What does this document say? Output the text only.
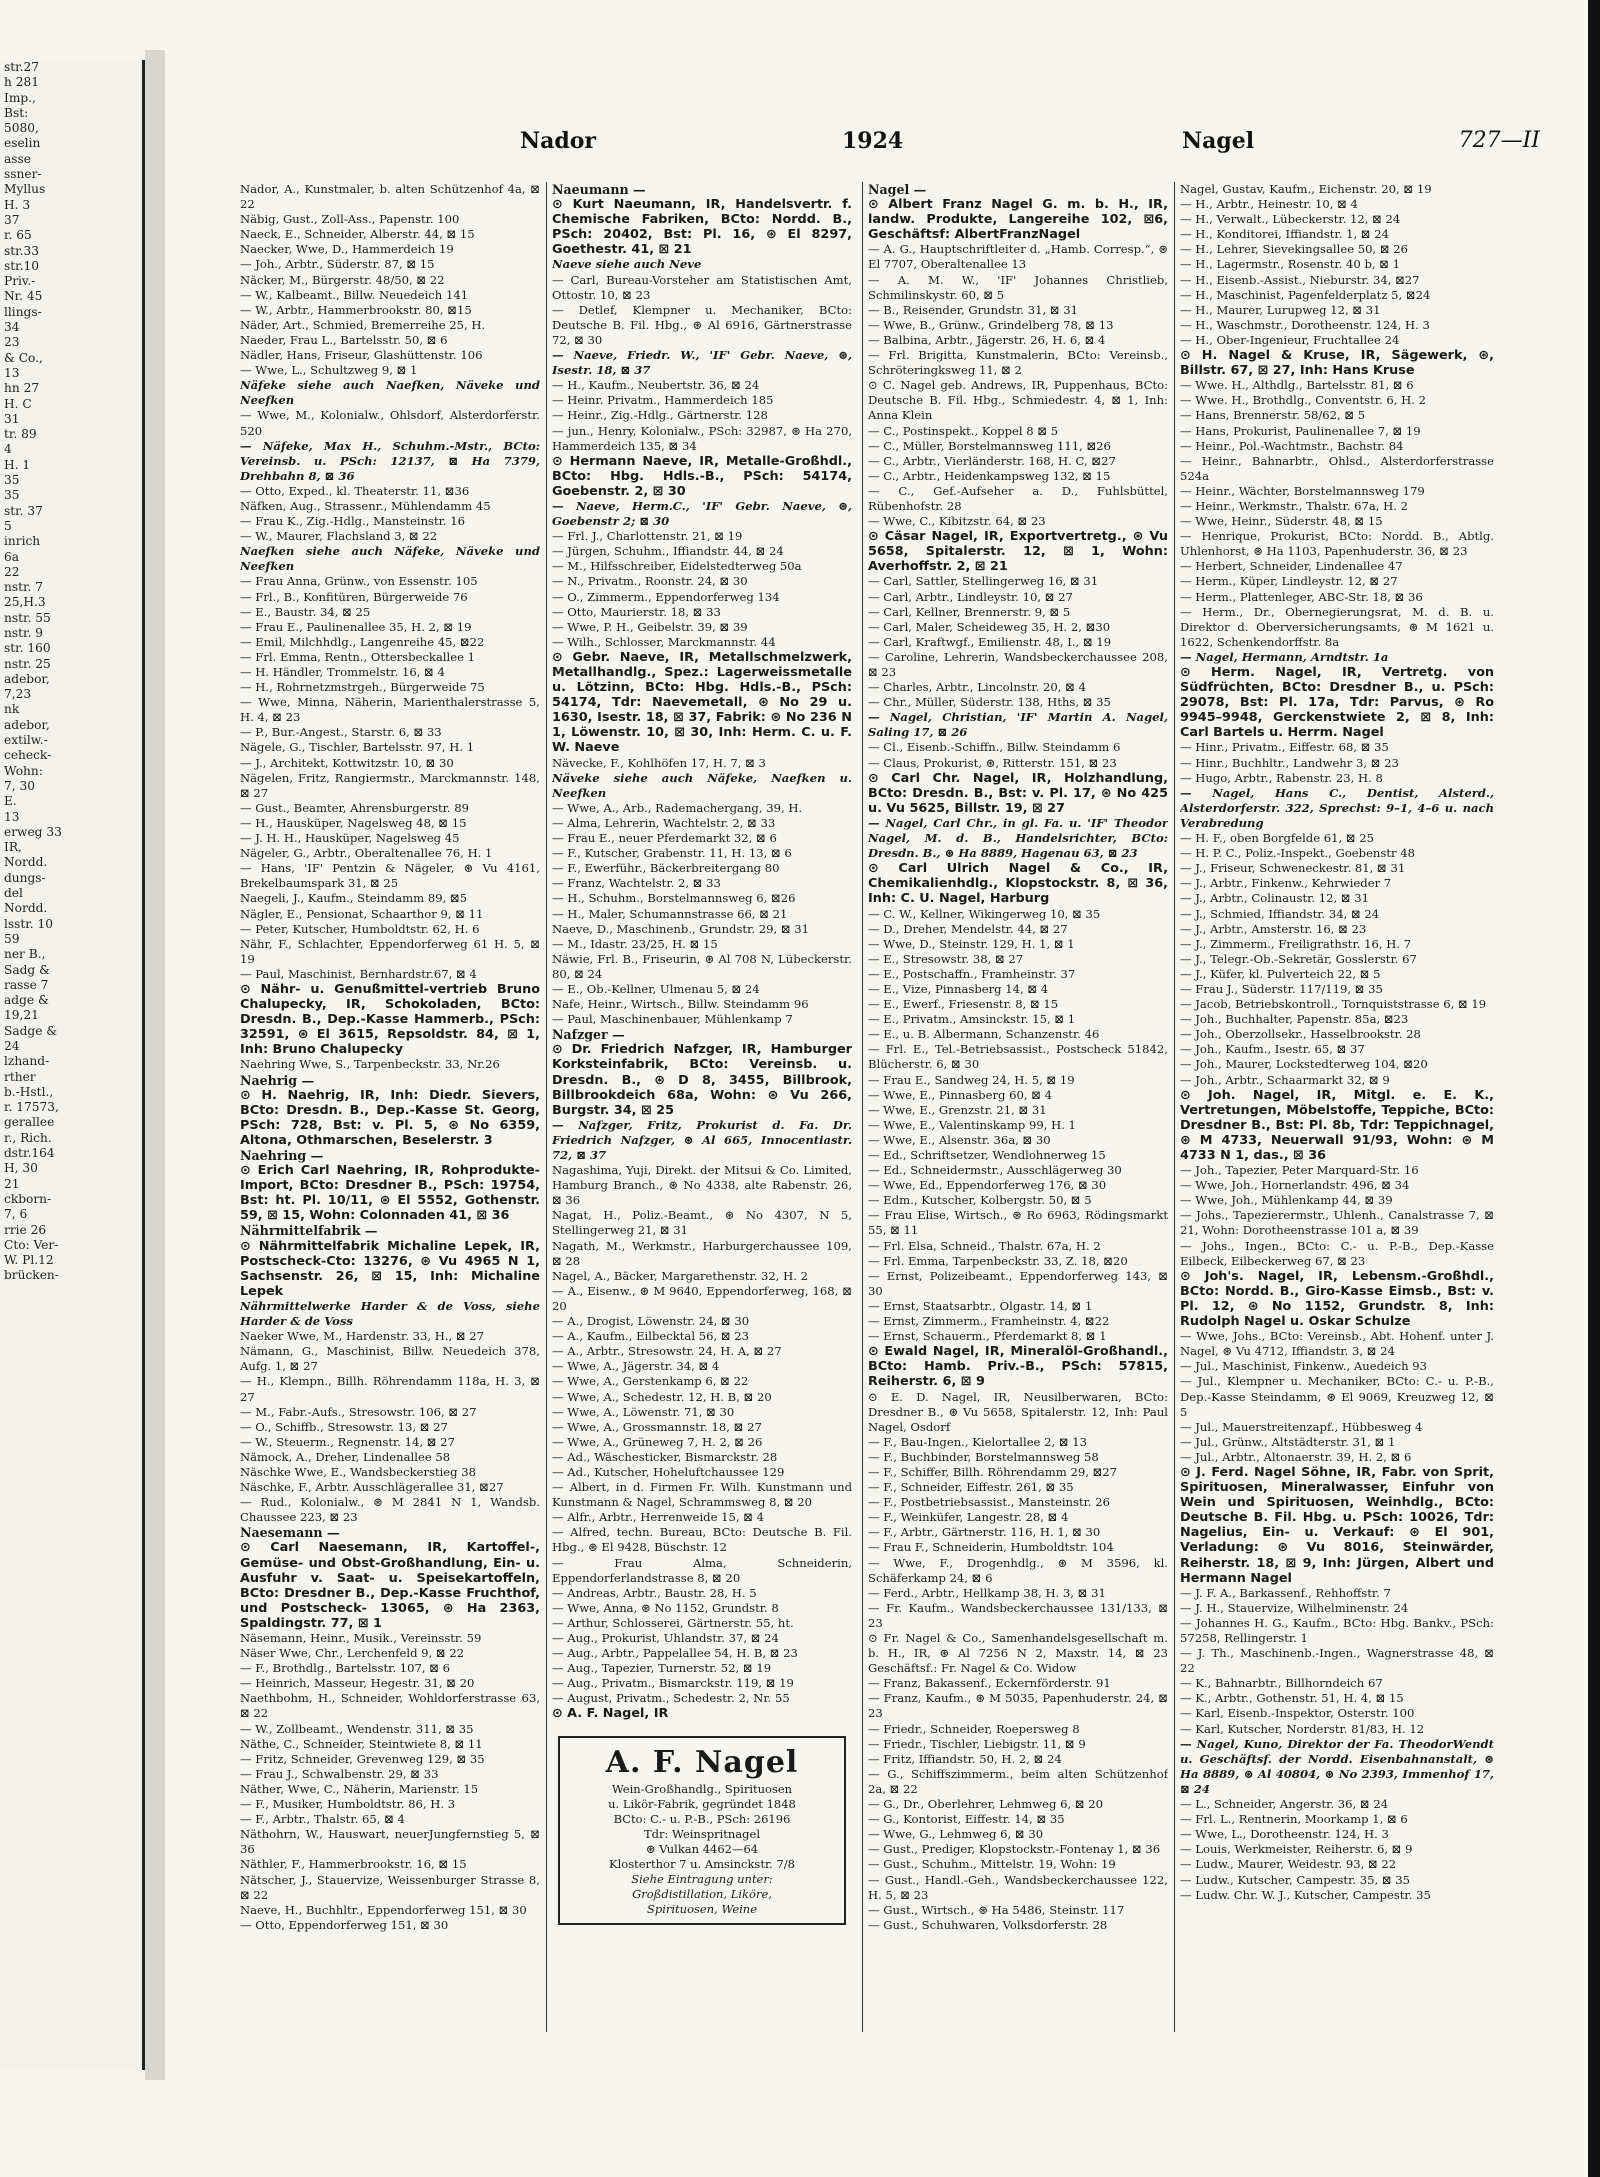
str.27
h 281
Imp.,
Bst:
5080,
eselin
asse
ssner-
Myllus
H. 3
37
r. 65
str.33
str.10
Priv.-
Nr. 45
llings-
34
23
& Co.,
13
hn 27
H. C
31
tr. 89
4
H. 1
35
35
str. 37
5
inrich
6a
22
nstr. 7
25,H.3
nstr. 55
nstr. 9
str. 160
nstr. 25
adebor,
7,23
nk
adebor,
extilw.-
ceheck-
Wohn:
7, 30
E.
13
erweg 33
IR,
Nordd.
dungs-
del
Nordd.
lsstr. 10
59
ner B.,
Sadg &
rasse 7
adge &
19,21
Sadge &
24
lzhand-
rther
b.-Hstl.,
r. 17573,
gerallee
r., Rich.
dstr.164
H, 30
21
ckborn-
7, 6
rrie 26
Cto: Ver-
W. Pl.12
brücken-
Nador	1924	Nagel	727—II
Nador, A., Kunstmaler, b. alten Schützenhof 4a, ⊠ 22
Näbig, Gust., Zoll-Ass., Papenstr. 100
Naeck, E., Schneider, Alberstr. 44, ⊠ 15
Naecker, Wwe, D., Hammerdeich 19
— Joh., Arbtr., Süderstr. 87, ⊠ 15
Näcker, M., Bürgerstr. 48/50, ⊠ 22
— W., Kalbeamt., Billw. Neuedeich 141
— W., Arbtr., Hammerbrookstr. 80, ⊠15
Näder, Art., Schmied, Bremerreihe 25, H.
Naeder, Frau L., Bartelsstr. 50, ⊠ 6
Nädler, Hans, Friseur, Glashüttenstr. 106
— Wwe, L., Schultzweg 9, ⊠ 1
Näfeke siehe auch Naefken, Näveke und Neefken
— Wwe, M., Kolonialw., Ohlsdorf, Alsterdorferstr. 520
— Näfeke, Max H., Schuhm.-Mstr., BCto: Vereinsb. u. PSch: 12137, ⊠ Ha 7379, Drehbahn 8, ⊠ 36
— Otto, Exped., kl. Theaterstr. 11, ⊠36
Näfken, Aug., Strassenr., Mühlendamm 45
— Frau K., Zig.-Hdlg., Mansteinstr. 16
— W., Maurer, Flachsland 3, ⊠ 22
Naefken siehe auch Näfeke, Näveke und Neefken
— Frau Anna, Grünw., von Essenstr. 105
— Frl., B., Konfitüren, Bürgerweide 76
— E., Baustr. 34, ⊠ 25
— Frau E., Paulinenallee 35, H. 2, ⊠ 19
— Emil, Milchhdlg., Langenreihe 45, ⊠22
— Frl. Emma, Rentn., Ottersbeckallee 1
— H. Händler, Trommelstr. 16, ⊠ 4
— H., Rohrnetzmstrgeh., Bürgerweide 75
— Wwe, Minna, Näherin, Marienthalerstrasse 5, H. 4, ⊠ 23
— P., Bur.-Angest., Starstr. 6, ⊠ 33
Nägele, G., Tischler, Bartelsstr. 97, H. 1
— J., Architekt, Kottwitzstr. 10, ⊠ 30
Nägelen, Fritz, Rangiermstr., Marckmannstr. 148, ⊠ 27
— Gust., Beamter, Ahrensburgerstr. 89
— H., Hausküper, Nagelsweg 48, ⊠ 15
— J. H. H., Hausküper, Nagelsweg 45
Nägeler, G., Arbtr., Oberaltenallee 76, H. 1
— Hans, 'IF' Pentzin & Nägeler, ⊛ Vu 4161, Brekelbaumspark 31, ⊠ 25
Naegeli, J., Kaufm., Steindamm 89, ⊠5
Nägler, E., Pensionat, Schaarthor 9, ⊠ 11
— Peter, Kutscher, Humboldtstr. 62, H. 6
Nähr, F., Schlachter, Eppendorferweg 61 H. 5, ⊠ 19
— Paul, Maschinist, Bernhardstr.67, ⊠ 4
⊙ Nähr- u. Genußmittel-vertrieb Bruno Chalupecky, IR, Schokoladen, BCto: Dresdn. B., Dep.-Kasse Hammerb., PSch: 32591, ⊛ El 3615, Repsoldstr. 84, ⊠ 1, Inh: Bruno Chalupecky
Naehring Wwe, S., Tarpenbeckstr. 33, Nr.26
Naehrig —
⊙ H. Naehrig, IR, Inh: Diedr. Sievers, BCto: Dresdn. B., Dep.-Kasse St. Georg, PSch: 728, Bst: v. Pl. 5, ⊛ No 6359, Altona, Othmarschen, Beselerstr. 3
Naehring —
⊙ Erich Carl Naehring, IR, Rohprodukte-Import, BCto: Dresdner B., PSch: 19754, Bst: ht. Pl. 10/11, ⊛ El 5552, Gothenstr. 59, ⊠ 15, Wohn: Colonnaden 41, ⊠ 36
Nährmittelfabrik —
⊙ Nährmittelfabrik Michaline Lepek, IR, Postscheck-Cto: 13276, ⊛ Vu 4965 N 1, Sachsenstr. 26, ⊠ 15, Inh: Michaline Lepek
Nährmittelwerke Harder & de Voss, siehe Harder & de Voss
Naeker Wwe, M., Hardenstr. 33, H., ⊠ 27
Nämann, G., Maschinist, Billw. Neuedeich 378, Aufg. 1, ⊠ 27
— H., Klempn., Billh. Röhrendamm 118a, H. 3, ⊠ 27
— M., Fabr.-Aufs., Stresowstr. 106, ⊠ 27
— O., Schiffb., Stresowstr. 13, ⊠ 27
— W., Steuerm., Regnenstr. 14, ⊠ 27
Nämock, A., Dreher, Lindenallee 58
Näschke Wwe, E., Wandsbeckerstieg 38
Näschke, F., Arbtr. Ausschlägerallee 31, ⊠27
— Rud., Kolonialw., ⊛ M 2841 N 1, Wandsb. Chaussee 223, ⊠ 23
Naesemann —
⊙ Carl Naesemann, IR, Kartoffel-, Gemüse- und Obst-Großhandlung, Ein- u. Ausfuhr v. Saat- u. Speisekartoffeln, BCto: Dresdner B., Dep.-Kasse Fruchthof, und Postscheck- 13065, ⊛ Ha 2363, Spaldingstr. 77, ⊠ 1
Näsemann, Heinr., Musik., Vereinsstr. 59
Näser Wwe, Chr., Lerchenfeld 9, ⊠ 22
— F., Brothdlg., Bartelsstr. 107, ⊠ 6
— Heinrich, Masseur, Hegestr. 31, ⊠ 20
Naethbohm, H., Schneider, Wohldorferstrasse 63, ⊠ 22
— W., Zollbeamt., Wendenstr. 311, ⊠ 35
Näthe, C., Schneider, Steintwiete 8, ⊠ 11
— Fritz, Schneider, Grevenweg 129, ⊠ 35
— Frau J., Schwalbenstr. 29, ⊠ 33
Näther, Wwe, C., Näherin, Marienstr. 15
— F., Musiker, Humboldtstr. 86, H. 3
— F., Arbtr., Thalstr. 65, ⊠ 4
Näthohrn, W., Hauswart, neuerJungfernstieg 5, ⊠ 36
Näthler, F., Hammerbrookstr. 16, ⊠ 15
Nätscher, J., Stauervize, Weissenburger Strasse 8, ⊠ 22
Naeve, H., Buchhltr., Eppendorferweg 151, ⊠ 30
— Otto, Eppendorferweg 151, ⊠ 30
Naeumann —
⊙ Kurt Naeumann, IR, Handelsvertr. f. Chemische Fabriken, BCto: Nordd. B., PSch: 20402, Bst: Pl. 16, ⊛ El 8297, Goethestr. 41, ⊠ 21
Naeve siehe auch Neve
— Carl, Bureau-Vorsteher am Statistischen Amt, Ottostr. 10, ⊠ 23
— Detlef, Klempner u. Mechaniker, BCto: Deutsche B. Fil. Hbg., ⊛ Al 6916, Gärtnerstrasse 72, ⊠ 30
— Naeve, Friedr. W., 'IF' Gebr. Naeve, ⊛, Isestr. 18, ⊠ 37
— H., Kaufm., Neubertstr. 36, ⊠ 24
— Heinr. Privatm., Hammerdeich 185
— Heinr., Zig.-Hdlg., Gärtnerstr. 128
— jun., Henry, Kolonialw., PSch: 32987, ⊛ Ha 270, Hammerdeich 135, ⊠ 34
⊙ Hermann Naeve, IR, Metalle-Großhdl., BCto: Hbg. Hdls.-B., PSch: 54174, Goebenstr. 2, ⊠ 30
— Naeve, Herm.C., 'IF' Gebr. Naeve, ⊛, Goebenstr 2; ⊠ 30
— Frl. J., Charlottenstr. 21, ⊠ 19
— Jürgen, Schuhm., Iffiandstr. 44, ⊠ 24
— M., Hilfsschreiber, Eidelstedterweg 50a
— N., Privatm., Roonstr. 24, ⊠ 30
— O., Zimmerm., Eppendorferweg 134
— Otto, Maurierstr. 18, ⊠ 33
— Wwe, P. H., Geibelstr. 39, ⊠ 39
— Wilh., Schlosser, Marckmannstr. 44
⊙ Gebr. Naeve, IR, Metallschmelzwerk, Metallhandlg., Spez.: Lagerweissmetalle u. Lötzinn, BCto: Hbg. Hdls.-B., PSch: 54174, Tdr: Naevemetall, ⊛ No 29 u. 1630, Isestr. 18, ⊠ 37, Fabrik: ⊛ No 236 N 1, Löwenstr. 10, ⊠ 30, Inh: Herm. C. u. F. W. Naeve
Nävecke, F., Kohlhöfen 17, H. 7, ⊠ 3
Näveke siehe auch Näfeke, Naefken u. Neefken
— Wwe, A., Arb., Rademachergang, 39, H.
— Alma, Lehrerin, Wachtelstr. 2, ⊠ 33
— Frau E., neuer Pferdemarkt 32, ⊠ 6
— F., Kutscher, Grabenstr. 11, H. 13, ⊠ 6
— F., Ewerführ., Bäckerbreitergang 80
— Franz, Wachtelstr. 2, ⊠ 33
— H., Schuhm., Borstelmannsweg 6, ⊠26
— H., Maler, Schumannstrasse 66, ⊠ 21
Naeve, D., Maschinenb., Grundstr. 29, ⊠ 31
— M., Idastr. 23/25, H. ⊠ 15
Näwie, Frl. B., Friseurin, ⊛ Al 708 N, Lübeckerstr. 80, ⊠ 24
— E., Ob.-Kellner, Ulmenau 5, ⊠ 24
Nafe, Heinr., Wirtsch., Billw. Steindamm 96
— Paul, Maschinenbauer, Mühlenkamp 7
Nafzger —
⊙ Dr. Friedrich Nafzger, IR, Hamburger Korksteinfabrik, BCto: Vereinsb. u. Dresdn. B., ⊛ D 8, 3455, Billbrook, Billbrookdeich 68a, Wohn: ⊛ Vu 266, Burgstr. 34, ⊠ 25
— Nafzger, Fritz, Prokurist d. Fa. Dr. Friedrich Nafzger, ⊛ Al 665, Innocentiastr. 72, ⊠ 37
Nagashima, Yuji, Direkt. der Mitsui & Co. Limited, Hamburg Branch., ⊛ No 4338, alte Rabenstr. 26, ⊠ 36
Nagat, H., Poliz.-Beamt., ⊛ No 4307, N 5, Stellingerweg 21, ⊠ 31
Nagath, M., Werkmstr., Harburgerchaussee 109, ⊠ 28
Nagel, A., Bäcker, Margarethenstr. 32, H. 2
— A., Eisenw., ⊛ M 9640, Eppendorferweg, 168, ⊠ 20
— A., Drogist, Löwenstr. 24, ⊠ 30
— A., Kaufm., Eilbecktal 56, ⊠ 23
— A., Arbtr., Stresowstr. 24, H. A, ⊠ 27
— Wwe, A., Jägerstr. 34, ⊠ 4
— Wwe, A., Gerstenkamp 6, ⊠ 22
— Wwe, A., Schedestr. 12, H. B, ⊠ 20
— Wwe, A., Löwenstr. 71, ⊠ 30
— Wwe, A., Grossmannstr. 18, ⊠ 27
— Wwe, A., Grüneweg 7, H. 2, ⊠ 26
— Ad., Wäschesticker, Bismarckstr. 28
— Ad., Kutscher, Hoheluftchaussee 129
— Albert, in d. Firmen Fr. Wilh. Kunstmann und Kunstmann & Nagel, Schrammsweg 8, ⊠ 20
— Alfr., Arbtr., Herrenweide 15, ⊠ 4
— Alfred, techn. Bureau, BCto: Deutsche B. Fil. Hbg., ⊛ El 9428, Büschstr. 12
— Frau Alma, Schneiderin, Eppendorferlandstrasse 8, ⊠ 20
— Andreas, Arbtr., Baustr. 28, H. 5
— Wwe, Anna, ⊛ No 1152, Grundstr. 8
— Arthur, Schlosserei, Gärtnerstr. 55, ht.
— Aug., Prokurist, Uhlandstr. 37, ⊠ 24
— Aug., Arbtr., Pappelallee 54, H. B, ⊠ 23
— Aug., Tapezier, Turnerstr. 52, ⊠ 19
— Aug., Privatm., Bismarckstr. 119, ⊠ 19
— August, Privatm., Schedestr. 2, Nr. 55
⊙ A. F. Nagel, IR
A. F. Nagel
Wein-Großhandlg., Spirituosen
u. Likör-Fabrik, gegründet 1848
BCto: C.- u. P.-B., PSch: 26196
Tdr: Weinspritnagel
⊛ Vulkan 4462—64
Klosterthor 7 u. Amsinckstr. 7/8
Siehe Eintragung unter:
Großdistillation, Liköre,
Spirituosen, Weine
Nagel —
⊙ Albert Franz Nagel G. m. b. H., IR, landw. Produkte, Langereihe 102, ⊠6, Geschäftsf: AlbertFranzNagel
— A. G., Hauptschriftleiter d. „Hamb. Corresp.“, ⊛ El 7707, Oberaltenallee 13
— A. M. W., 'IF' Johannes Christlieb, Schmilinskystr. 60, ⊠ 5
— B., Reisender, Grundstr. 31, ⊠ 31
— Wwe, B., Grünw., Grindelberg 78, ⊠ 13
— Balbina, Arbtr., Jägerstr. 26, H. 6, ⊠ 4
— Frl. Brigitta, Kunstmalerin, BCto: Vereinsb., Schröteringksweg 11, ⊠ 2
⊙ C. Nagel geb. Andrews, IR, Puppenhaus, BCto: Deutsche B. Fil. Hbg., Schmiedestr. 4, ⊠ 1, Inh: Anna Klein
— C., Postinspekt., Koppel 8 ⊠ 5
— C., Müller, Borstelmannsweg 111, ⊠26
— C., Arbtr., Vierländerstr. 168, H. C, ⊠27
— C., Arbtr., Heidenkampsweg 132, ⊠ 15
— C., Gef.-Aufseher a. D., Fuhlsbüttel, Rübenhofstr. 28
— Wwe, C., Kibitzstr. 64, ⊠ 23
⊙ Cäsar Nagel, IR, Exportvertretg., ⊛ Vu 5658, Spitalerstr. 12, ⊠ 1, Wohn: Averhoffstr. 2, ⊠ 21
— Carl, Sattler, Stellingerweg 16, ⊠ 31
— Carl, Arbtr., Lindleystr. 10, ⊠ 27
— Carl, Kellner, Brennerstr. 9, ⊠ 5
— Carl, Maler, Scheideweg 35, H. 2, ⊠30
— Carl, Kraftwgf., Emilienstr. 48, I., ⊠ 19
— Caroline, Lehrerin, Wandsbeckerchaussee 208, ⊠ 23
— Charles, Arbtr., Lincolnstr. 20, ⊠ 4
— Chr., Müller, Süderstr. 138, Hths, ⊠ 35
— Nagel, Christian, 'IF' Martin A. Nagel, Saling 17, ⊠ 26
— Cl., Eisenb.-Schiffn., Billw. Steindamm 6
— Claus, Prokurist, ⊛, Ritterstr. 151, ⊠ 23
⊙ Carl Chr. Nagel, IR, Holzhandlung, BCto: Dresdn. B., Bst: v. Pl. 17, ⊛ No 425 u. Vu 5625, Billstr. 19, ⊠ 27
— Nagel, Carl Chr., in gl. Fa. u. 'IF' Theodor Nagel, M. d. B., Handelsrichter, BCto: Dresdn. B., ⊛ Ha 8889, Hagenau 63, ⊠ 23
⊙ Carl Ulrich Nagel & Co., IR, Chemikalienhdlg., Klopstockstr. 8, ⊠ 36, Inh: C. U. Nagel, Harburg
— C. W., Kellner, Wikingerweg 10, ⊠ 35
— D., Dreher, Mendelstr. 44, ⊠ 27
— Wwe, D., Steinstr. 129, H. 1, ⊠ 1
— E., Stresowstr. 38, ⊠ 27
— E., Postschaffn., Framheinstr. 37
— E., Vize, Pinnasberg 14, ⊠ 4
— E., Ewerf., Friesenstr. 8, ⊠ 15
— E., Privatm., Amsinckstr. 15, ⊠ 1
— E., u. B. Albermann, Schanzenstr. 46
— Frl. E., Tel.-Betriebsassist., Postscheck 51842, Blücherstr. 6, ⊠ 30
— Frau E., Sandweg 24, H. 5, ⊠ 19
— Wwe, E., Pinnasberg 60, ⊠ 4
— Wwe, E., Grenzstr. 21, ⊠ 31
— Wwe, E., Valentinskamp 99, H. 1
— Wwe, E., Alsenstr. 36a, ⊠ 30
— Ed., Schriftsetzer, Wendlohnerweg 15
— Ed., Schneidermstr., Ausschlägerweg 30
— Wwe, Ed., Eppendorferweg 176, ⊠ 30
— Edm., Kutscher, Kolbergstr. 50, ⊠ 5
— Frau Elise, Wirtsch., ⊛ Ro 6963, Rödingsmarkt 55, ⊠ 11
— Frl. Elsa, Schneid., Thalstr. 67a, H. 2
— Frl. Emma, Tarpenbeckstr. 33, Z. 18, ⊠20
— Ernst, Polizeibeamt., Eppendorferweg 143, ⊠ 30
— Ernst, Staatsarbtr., Olgastr. 14, ⊠ 1
— Ernst, Zimmerm., Framheinstr. 4, ⊠22
— Ernst, Schauerm., Pferdemarkt 8, ⊠ 1
⊙ Ewald Nagel, IR, Mineralöl-Großhandl., BCto: Hamb. Priv.-B., PSch: 57815, Reiherstr. 6, ⊠ 9
⊙ E. D. Nagel, IR, Neusilberwaren, BCto: Dresdner B., ⊛ Vu 5658, Spitalerstr. 12, Inh: Paul Nagel, Osdorf
— F., Bau-Ingen., Kielortallee 2, ⊠ 13
— F., Buchbinder, Borstelmannsweg 58
— F., Schiffer, Billh. Röhrendamm 29, ⊠27
— F., Schneider, Eiffestr. 261, ⊠ 35
— F., Postbetriebsassist., Mansteinstr. 26
— F., Weinküfer, Langestr. 28, ⊠ 4
— F., Arbtr., Gärtnerstr. 116, H. 1, ⊠ 30
— Frau F., Schneiderin, Humboldtstr. 104
— Wwe, F., Drogenhdlg., ⊛ M 3596, kl. Schäferkamp 24, ⊠ 6
— Ferd., Arbtr., Hellkamp 38, H. 3, ⊠ 31
— Fr. Kaufm., Wandsbeckerchaussee 131/133, ⊠ 23
⊙ Fr. Nagel & Co., Samenhandelsgesellschaft m. b. H., IR, ⊛ Al 7256 N 2, Maxstr. 14, ⊠ 23 Geschäftsf.: Fr. Nagel & Co. Widow
— Franz, Bakassenf., Eckernförderstr. 91
— Franz, Kaufm., ⊛ M 5035, Papenhuderstr. 24, ⊠ 23
— Friedr., Schneider, Roepersweg 8
— Friedr., Tischler, Liebigstr. 11, ⊠ 9
— Fritz, Iffiandstr. 50, H. 2, ⊠ 24
— G., Schiffszimmerm., beim alten Schützenhof 2a, ⊠ 22
— G., Dr., Oberlehrer, Lehmweg 6, ⊠ 20
— G., Kontorist, Eiffestr. 14, ⊠ 35
— Wwe, G., Lehmweg 6, ⊠ 30
— Gust., Prediger, Klopstockstr.-Fontenay 1, ⊠ 36
— Gust., Schuhm., Mittelstr. 19, Wohn: 19
— Gust., Handl.-Geh., Wandsbeckerchaussee 122, H. 5, ⊠ 23
— Gust., Wirtsch., ⊛ Ha 5486, Steinstr. 117
— Gust., Schuhwaren, Volksdorferstr. 28
Nagel, Gustav, Kaufm., Eichenstr. 20, ⊠ 19
— H., Arbtr., Heinestr. 10, ⊠ 4
— H., Verwalt., Lübeckerstr. 12, ⊠ 24
— H., Konditorei, Iffiandstr. 1, ⊠ 24
— H., Lehrer, Sievekingsallee 50, ⊠ 26
— H., Lagermstr., Rosenstr. 40 b, ⊠ 1
— H., Eisenb.-Assist., Nieburstr. 34, ⊠27
— H., Maschinist, Pagenfelderplatz 5, ⊠24
— H., Maurer, Lurupweg 12, ⊠ 31
— H., Waschmstr., Dorotheenstr. 124, H. 3
— H., Ober-Ingenieur, Fruchtallee 24
⊙ H. Nagel & Kruse, IR, Sägewerk, ⊛, Billstr. 67, ⊠ 27, Inh: Hans Kruse
— Wwe. H., Althdlg., Bartelsstr. 81, ⊠ 6
— Wwe. H., Brothdlg., Conventstr. 6, H. 2
— Hans, Brennerstr. 58/62, ⊠ 5
— Hans, Prokurist, Paulinenallee 7, ⊠ 19
— Heinr., Pol.-Wachtmstr., Bachstr. 84
— Heinr., Bahnarbtr., Ohlsd., Alsterdorferstrasse 524a
— Heinr., Wächter, Borstelmannsweg 179
— Heinr., Werkmstr., Thalstr. 67a, H. 2
— Wwe, Heinr., Süderstr. 48, ⊠ 15
— Henrique, Prokurist, BCto: Nordd. B., Abtlg. Uhlenhorst, ⊛ Ha 1103, Papenhuderstr. 36, ⊠ 23
— Herbert, Schneider, Lindenallee 47
— Herm., Küper, Lindleystr. 12, ⊠ 27
— Herm., Plattenleger, ABC-Str. 18, ⊠ 36
— Herm., Dr., Obernegierungsrat, M. d. B. u. Direktor d. Oberversicherungsamts, ⊛ M 1621 u. 1622, Schenkendorffstr. 8a
— Nagel, Hermann, Arndtstr. 1a
⊙ Herm. Nagel, IR, Vertretg. von Südfrüchten, BCto: Dresdner B., u. PSch: 29078, Bst: Pl. 17a, Tdr: Parvus, ⊛ Ro 9945–9948, Gerckenstwiete 2, ⊠ 8, Inh: Carl Bartels u. Herrm. Nagel
— Hinr., Privatm., Eiffestr. 68, ⊠ 35
— Hinr., Buchhltr., Landwehr 3, ⊠ 23
— Hugo, Arbtr., Rabenstr. 23, H. 8
— Nagel, Hans C., Dentist, Alsterd., Alsterdorferstr. 322, Sprechst: 9–1, 4–6 u. nach Verabredung
— H. F., oben Borgfelde 61, ⊠ 25
— H. P. C., Poliz.-Inspekt., Goebenstr 48
— J., Friseur, Schweneckestr. 81, ⊠ 31
— J., Arbtr., Finkenw., Kehrwieder 7
— J., Arbtr., Colinaustr. 12, ⊠ 31
— J., Schmied, Iffiandstr. 34, ⊠ 24
— J., Arbtr., Amsterstr. 16, ⊠ 23
— J., Zimmerm., Freiligrathstr. 16, H. 7
— J., Telegr.-Ob.-Sekretär, Gosslerstr. 67
— J., Küfer, kl. Pulverteich 22, ⊠ 5
— Frau J., Süderstr. 117/119, ⊠ 35
— Jacob, Betriebskontroll., Tornquiststrasse 6, ⊠ 19
— Joh., Buchhalter, Papenstr. 85a, ⊠23
— Joh., Oberzollsekr., Hasselbrookstr. 28
— Joh., Kaufm., Isestr. 65, ⊠ 37
— Joh., Maurer, Lockstedterweg 104, ⊠20
— Joh., Arbtr., Schaarmarkt 32, ⊠ 9
⊙ Joh. Nagel, IR, Mitgl. e. E. K., Vertretungen, Möbelstoffe, Teppiche, BCto: Dresdner B., Bst: Pl. 8b, Tdr: Teppichnagel, ⊛ M 4733, Neuerwall 91/93, Wohn: ⊛ M 4733 N 1, das., ⊠ 36
— Joh., Tapezier, Peter Marquard-Str. 16
— Wwe, Joh., Hornerlandstr. 496, ⊠ 34
— Wwe, Joh., Mühlenkamp 44, ⊠ 39
— Johs., Tapezierermstr., Uhlenh., Canalstrasse 7, ⊠ 21, Wohn: Dorotheenstrasse 101 a, ⊠ 39
— Johs., Ingen., BCto: C.- u. P.-B., Dep.-Kasse Eilbeck, Eilbeckerweg 67, ⊠ 23
⊙ Joh's. Nagel, IR, Lebensm.-Großhdl., BCto: Nordd. B., Giro-Kasse Eimsb., Bst: v. Pl. 12, ⊛ No 1152, Grundstr. 8, Inh: Rudolph Nagel u. Oskar Schulze
— Wwe, Johs., BCto: Vereinsb., Abt. Hohenf. unter J. Nagel, ⊛ Vu 4712, Iffiandstr. 3, ⊠ 24
— Jul., Maschinist, Finkenw., Auedeich 93
— Jul., Klempner u. Mechaniker, BCto: C.- u. P.-B., Dep.-Kasse Steindamm, ⊛ El 9069, Kreuzweg 12, ⊠ 5
— Jul., Mauerstreitenzapf., Hübbesweg 4
— Jul., Grünw., Altstädterstr. 31, ⊠ 1
— Jul., Arbtr., Altonaerstr. 39, H. 2, ⊠ 6
⊙ J. Ferd. Nagel Söhne, IR, Fabr. von Sprit, Spirituosen, Mineralwasser, Einfuhr von Wein und Spirituosen, Weinhdlg., BCto: Deutsche B. Fil. Hbg. u. PSch: 10026, Tdr: Nagelius, Ein- u. Verkauf: ⊛ El 901, Verladung: ⊛ Vu 8016, Steinwärder, Reiherstr. 18, ⊠ 9, Inh: Jürgen, Albert und Hermann Nagel
— J. F. A., Barkassenf., Rehhoffstr. 7
— J. H., Stauervize, Wilhelminenstr. 24
— Johannes H. G., Kaufm., BCto: Hbg. Bankv., PSch: 57258, Rellingerstr. 1
— J. Th., Maschinenb.-Ingen., Wagnerstrasse 48, ⊠ 22
— K., Bahnarbtr., Billhorndeich 67
— K., Arbtr., Gothenstr. 51, H. 4, ⊠ 15
— Karl, Eisenb.-Inspektor, Osterstr. 100
— Karl, Kutscher, Norderstr. 81/83, H. 12
— Nagel, Kuno, Direktor der Fa. TheodorWendt u. Geschäftsf. der Nordd. Eisenbahnanstalt, ⊛ Ha 8889, ⊛ Al 40804, ⊛ No 2393, Immenhof 17, ⊠ 24
— L., Schneider, Angerstr. 36, ⊠ 24
— Frl. L., Rentnerin, Moorkamp 1, ⊠ 6
— Wwe, L., Dorotheenstr. 124, H. 3
— Louis, Werkmeister, Reiherstr. 6, ⊠ 9
— Ludw., Maurer, Weidestr. 93, ⊠ 22
— Ludw., Kutscher, Campestr. 35, ⊠ 35
— Ludw. Chr. W. J., Kutscher, Campestr. 35
